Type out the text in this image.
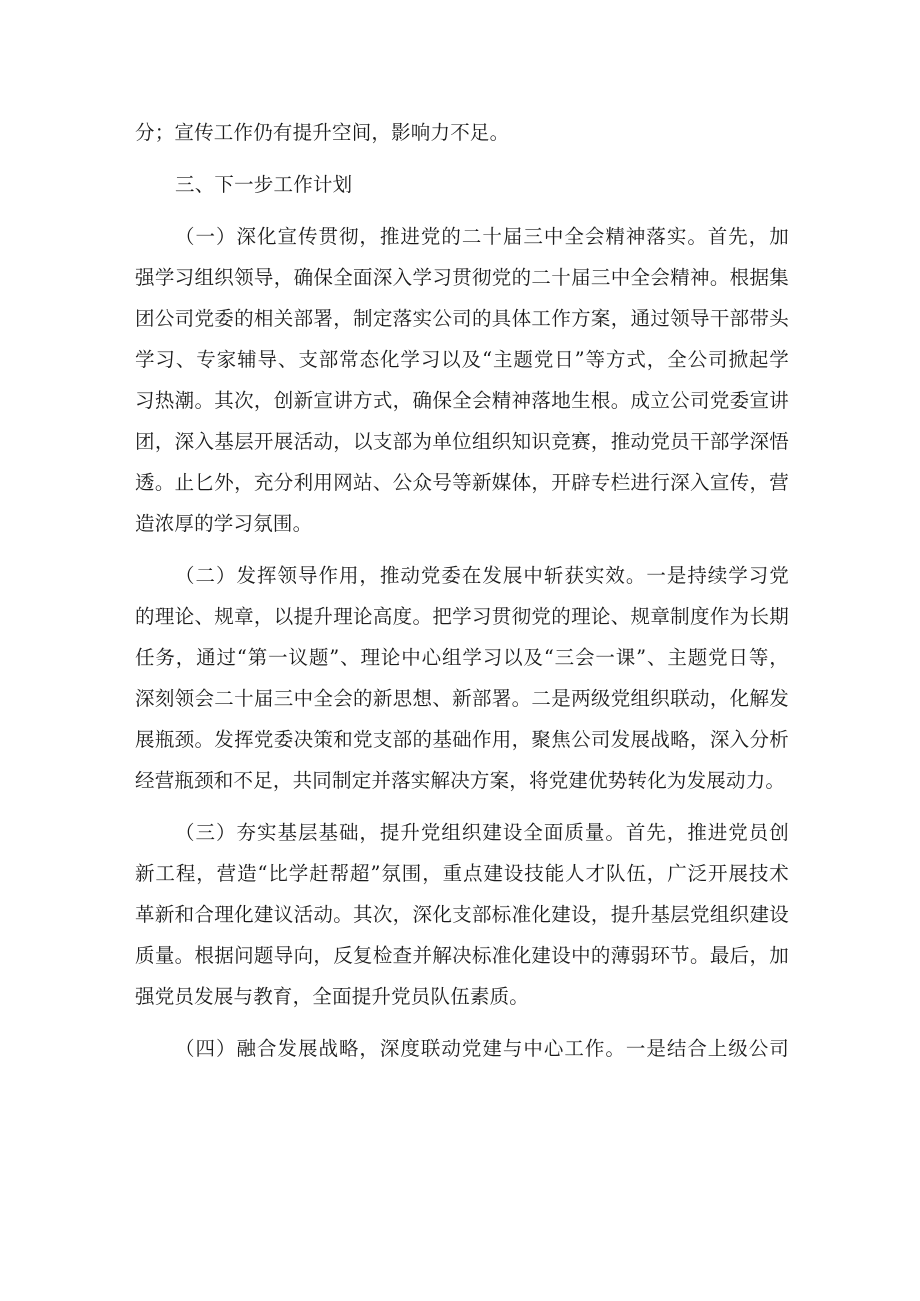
分；宣传工作仍有提升空间，影响力不足。
三、下一步工作计划
（一）深化宣传贯彻，推进党的二十届三中全会精神落实。首先，加
强学习组织领导，确保全面深入学习贯彻党的二十届三中全会精神。根据集
团公司党委的相关部署，制定落实公司的具体工作方案，通过领导干部带头
学习、专家辅导、支部常态化学习以及“主题党日”等方式，全公司掀起学
习热潮。其次，创新宣讲方式，确保全会精神落地生根。成立公司党委宣讲
团，深入基层开展活动，以支部为单位组织知识竞赛，推动党员干部学深悟
透。止匕外，充分利用网站、公众号等新媒体，开辟专栏进行深入宣传，营
造浓厚的学习氛围。
（二）发挥领导作用，推动党委在发展中斩获实效。一是持续学习党
的理论、规章，以提升理论高度。把学习贯彻党的理论、规章制度作为长期
任务，通过“第一议题”、理论中心组学习以及“三会一课”、主题党日等，
深刻领会二十届三中全会的新思想、新部署。二是两级党组织联动，化解发
展瓶颈。发挥党委决策和党支部的基础作用，聚焦公司发展战略，深入分析
经营瓶颈和不足，共同制定并落实解决方案，将党建优势转化为发展动力。
（三）夯实基层基础，提升党组织建设全面质量。首先，推进党员创
新工程，营造“比学赶帮超”氛围，重点建设技能人才队伍，广泛开展技术
革新和合理化建议活动。其次，深化支部标准化建设，提升基层党组织建设
质量。根据问题导向，反复检查并解决标准化建设中的薄弱环节。最后，加
强党员发展与教育，全面提升党员队伍素质。
（四）融合发展战略，深度联动党建与中心工作。一是结合上级公司
